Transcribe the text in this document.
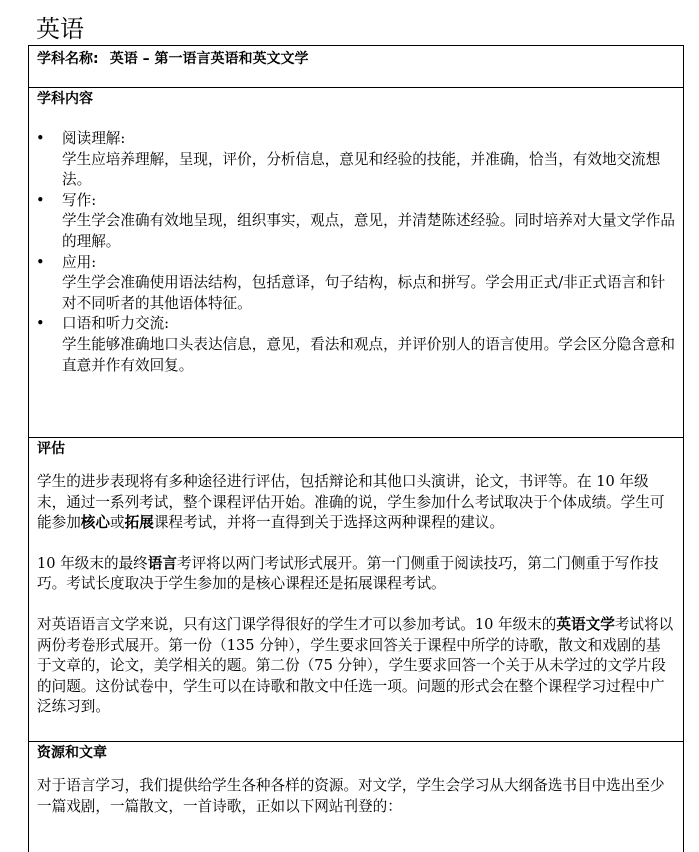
英语
学科名称: 英语 – 第一语言英语和英文文学
学科内容
• 阅读理解:
学生应培养理解，呈现，评价，分析信息，意见和经验的技能，并准确，恰当，有效地交流想法。
• 写作:
学生学会准确有效地呈现，组织事实，观点，意见，并清楚陈述经验。同时培养对大量文学作品的理解。
• 应用:
学生学会准确使用语法结构，包括意译，句子结构，标点和拼写。学会用正式/非正式语言和针对不同听者的其他语体特征。
• 口语和听力交流:
学生能够准确地口头表达信息，意见，看法和观点，并评价别人的语言使用。学会区分隐含意和直意并作有效回复。
评估

学生的进步表现将有多种途径进行评估，包括辩论和其他口头演讲，论文，书评等。在 10 年级末，通过一系列考试，整个课程评估开始。准确的说，学生参加什么考试取决于个体成绩。学生可能参加核心或拓展课程考试，并将一直得到关于选择这两种课程的建议。

10 年级末的最终语言考评将以两门考试形式展开。第一门侧重于阅读技巧，第二门侧重于写作技巧。考试长度取决于学生参加的是核心课程还是拓展课程考试。

对英语语言文学来说，只有这门课学得很好的学生才可以参加考试。10 年级末的英语文学考试将以两份考卷形式展开。第一份（135 分钟），学生要求回答关于课程中所学的诗歌，散文和戏剧的基于文章的，论文，美学相关的题。第二份（75 分钟），学生要求回答一个关于从未学过的文学片段的问题。这份试卷中，学生可以在诗歌和散文中任选一项。问题的形式会在整个课程学习过程中广泛练习到。

资源和文章

对于语言学习，我们提供给学生各种各样的资源。对文学，学生会学习从大纲备选书目中选出至少一篇戏剧，一篇散文，一首诗歌，正如以下网站刊登的：
